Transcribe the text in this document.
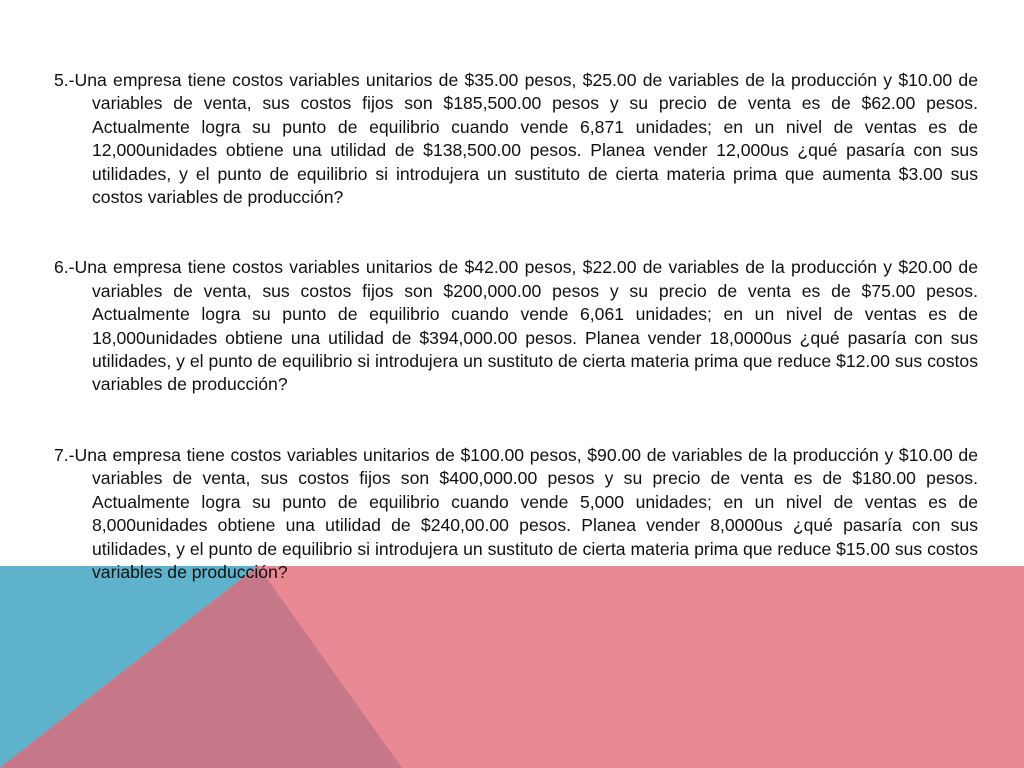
5.-Una empresa tiene costos variables unitarios de $35.00 pesos, $25.00 de variables de la producción y $10.00 de variables de venta, sus costos fijos son $185,500.00 pesos y su precio de venta es de $62.00 pesos. Actualmente logra su punto de equilibrio cuando vende 6,871 unidades; en un nivel de ventas es de 12,000unidades obtiene una utilidad de $138,500.00 pesos. Planea vender 12,000us ¿qué pasaría con sus utilidades, y el punto de equilibrio si introdujera un sustituto de cierta materia prima que aumenta $3.00 sus costos variables de producción?

6.-Una empresa tiene costos variables unitarios de $42.00 pesos, $22.00 de variables de la producción y $20.00 de variables de venta, sus costos fijos son $200,000.00 pesos y su precio de venta es de $75.00 pesos. Actualmente logra su punto de equilibrio cuando vende 6,061 unidades; en un nivel de ventas es de 18,000unidades obtiene una utilidad de $394,000.00 pesos. Planea vender 18,0000us ¿qué pasaría con sus utilidades, y el punto de equilibrio si introdujera un sustituto de cierta materia prima que reduce $12.00 sus costos variables de producción?

7.-Una empresa tiene costos variables unitarios de $100.00 pesos, $90.00 de variables de la producción y $10.00 de variables de venta, sus costos fijos son $400,000.00 pesos y su precio de venta es de $180.00 pesos. Actualmente logra su punto de equilibrio cuando vende 5,000 unidades; en un nivel de ventas es de 8,000unidades obtiene una utilidad de $240,00.00 pesos. Planea vender 8,0000us ¿qué pasaría con sus utilidades, y el punto de equilibrio si introdujera un sustituto de cierta materia prima que reduce $15.00 sus costos variables de producción?
